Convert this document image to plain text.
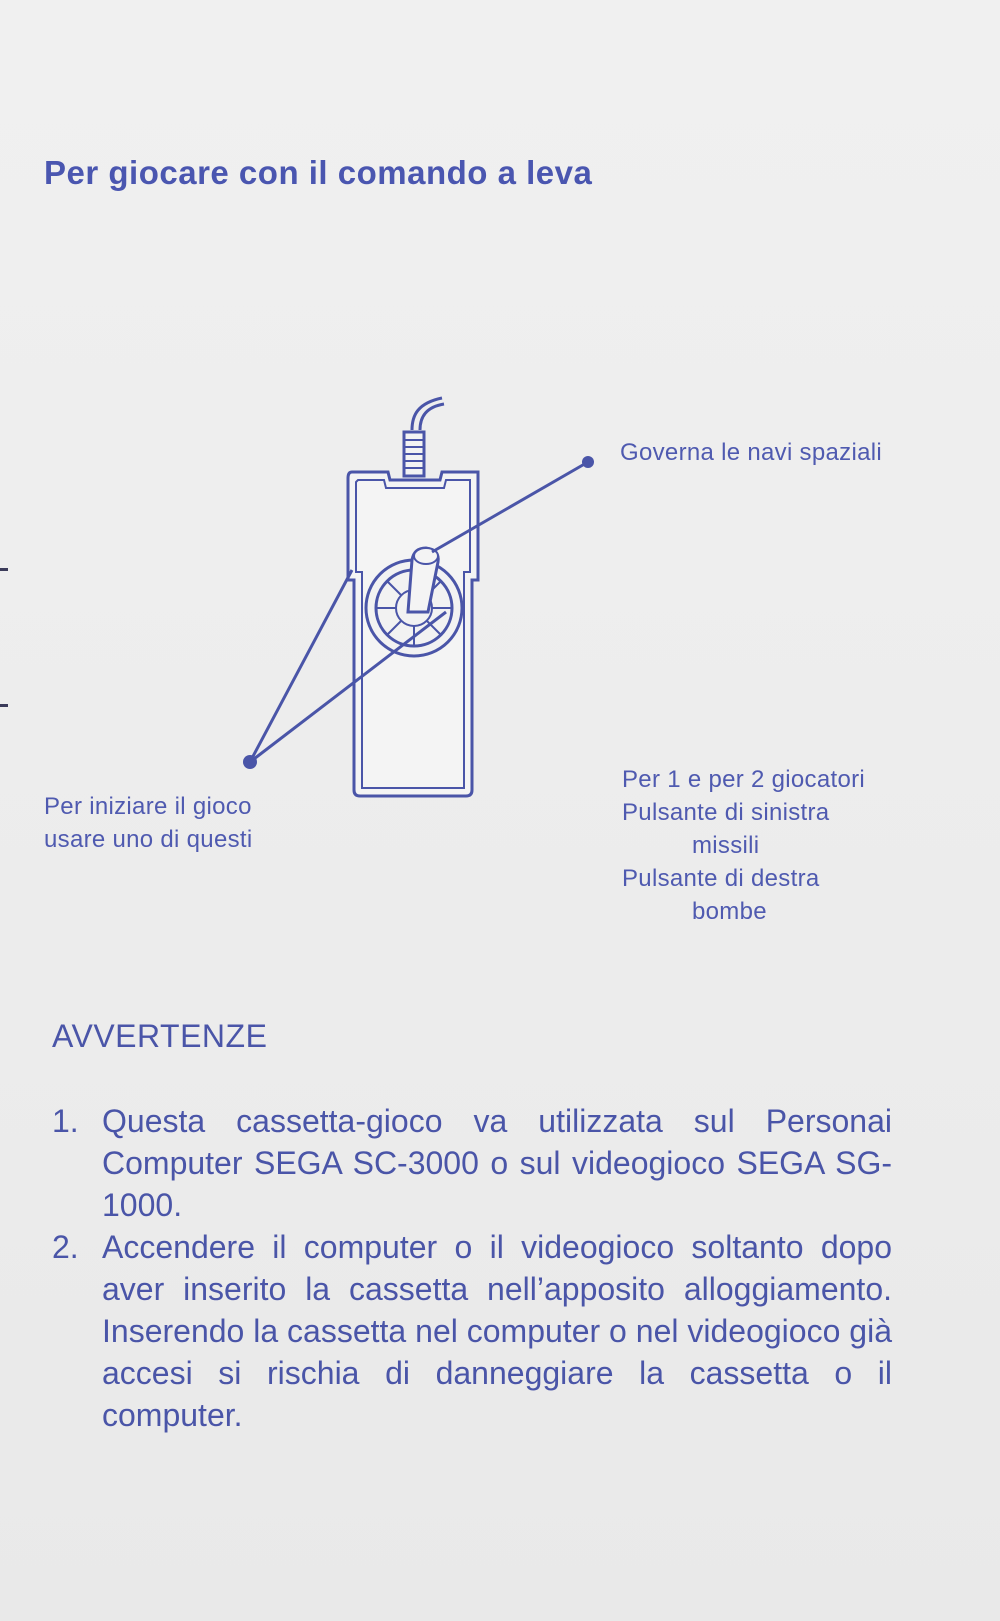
Per giocare con il comando a leva
Governa le navi spaziali
Per iniziare il gioco
usare uno di questi
Per 1 e per 2 giocatori
Pulsante di sinistra
missili
Pulsante di destra
bombe
AVVERTENZE
1. Questa cassetta-gioco va utilizzata sul Personai Computer SEGA SC-3000 o sul videogioco SEGA SG-1000.
2. Accendere il computer o il videogioco soltanto dopo aver inserito la cassetta nell’apposito alloggiamento. Inserendo la cassetta nel computer o nel videogioco già accesi si rischia di danneggiare la cassetta o il computer.
